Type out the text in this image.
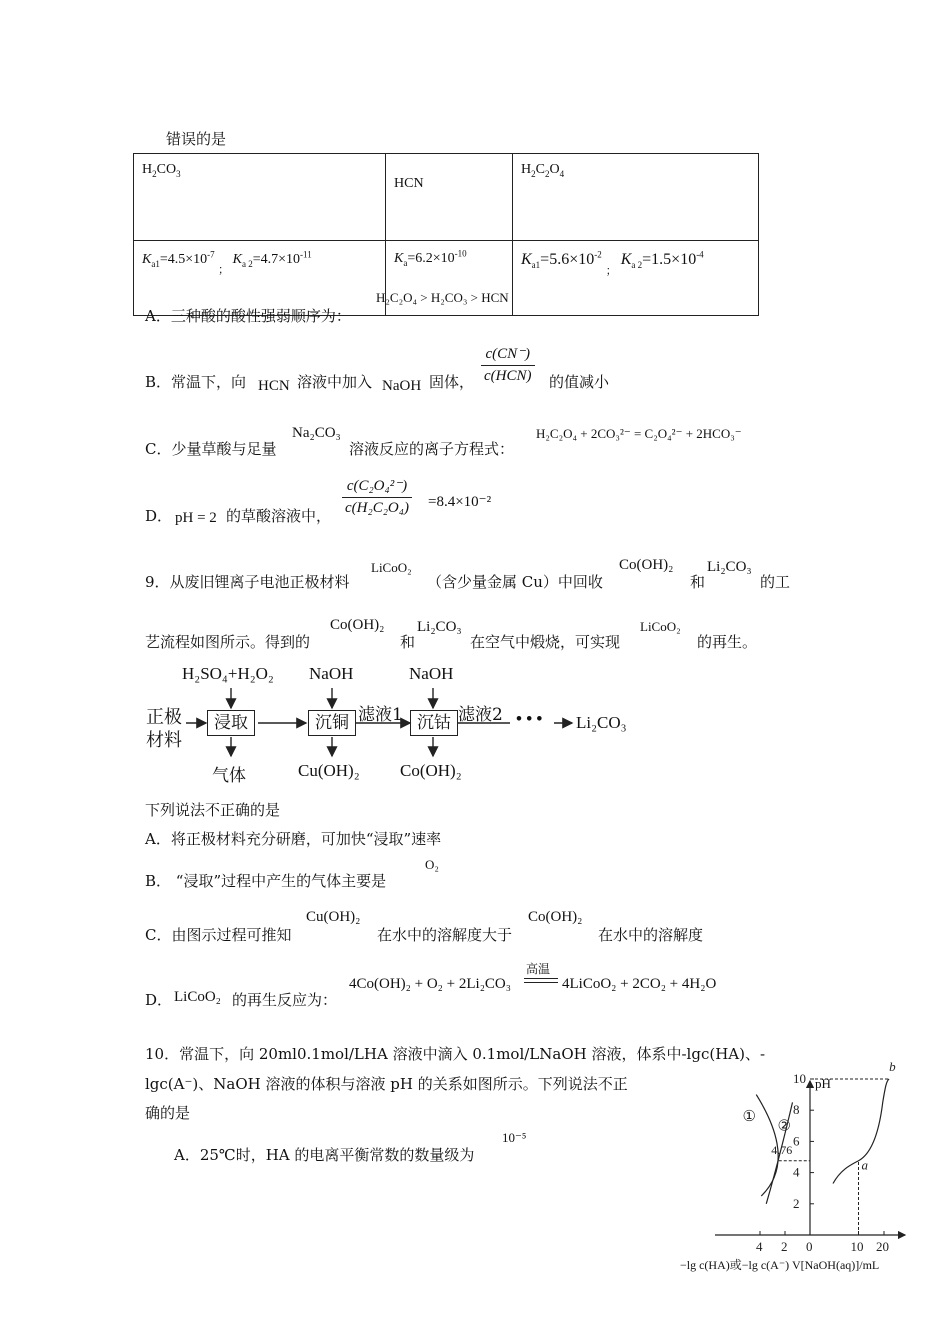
错误的是
$H_2CO_3$	HCN	$H_2C_2O_4$
$K_{a1}=4.5\times 10^{-7}$ $_;$ $K_{a 2}=4.7\times 10^{-11}$	$K_a=6.2\times 10^{-10}$	$K_{a1}=5.6\times 10^{-2}$ $_;$ $K_{a 2}=1.5\times 10^{-4}$
A．三种酸的酸性强弱顺序为：
H₂C₂O₄ > H₂CO₃ > HCN
B．常温下，向 HCN 溶液中加入 NaOH 固体， $\frac{c(CN^-)}{\text{c(HCN)}}$ 的值减小
C．少量草酸与足量
Na₂CO₃
溶液反应的离子方程式：
H₂C₂O₄ + 2CO₃²⁻ = C₂O₄²⁻ + 2HCO₃⁻
D． pH = 2 的草酸溶液中， $\frac{\text{c(C₂O₄²⁻)}}{\text{c(H₂C₂O₄)}} =8.4\times 10^{-2}$
9．从废旧锂离子电池正极材料
LiCoO₂
（含少量金属 Cu）中回收
Co(OH)₂
和
Li₂CO₃
的工
艺流程如图所示。得到的
Co(OH)₂
和
Li₂CO₃
在空气中煅烧，可实现
LiCoO₂
的再生。
H₂SO₄+H₂O₂ NaOH	NaOH
正极
材料
浸取	沉铜	沉钴
滤液1	滤液2 • • • Li₂CO₃
气体	Cu(OH)₂ Co(OH)₂
下列说法不正确的是
A．将正极材料充分研磨，可加快“浸取”速率
B． “浸取”过程中产生的气体主要是
O₂
C．由图示过程可推知
Cu(OH)₂
在水中的溶解度大于
Co(OH)₂
在水中的溶解度
D． LiCoO₂ 的再生反应为：
4Co(OH)₂ + O₂ + 2Li₂CO₃
高温
4LiCoO₂ + 2CO₂ + 4H₂O
10．常温下，向 20ml0.1mol/LHA 溶液中滴入 0.1mol/LNaOH 溶液，体系中-lgc(HA)、-
lgc(A⁻)、NaOH 溶液的体积与溶液 pH 的关系如图所示。下列说法不正
确的是
A．25℃时，HA 的电离平衡常数的数量级为
10⁻⁵
2
4
6
8
10
4 2 0	10 20
①
②
4.76
a
b
pH
−lg c(HA)或−lg c(A⁻) V[NaOH(aq)]/mL
